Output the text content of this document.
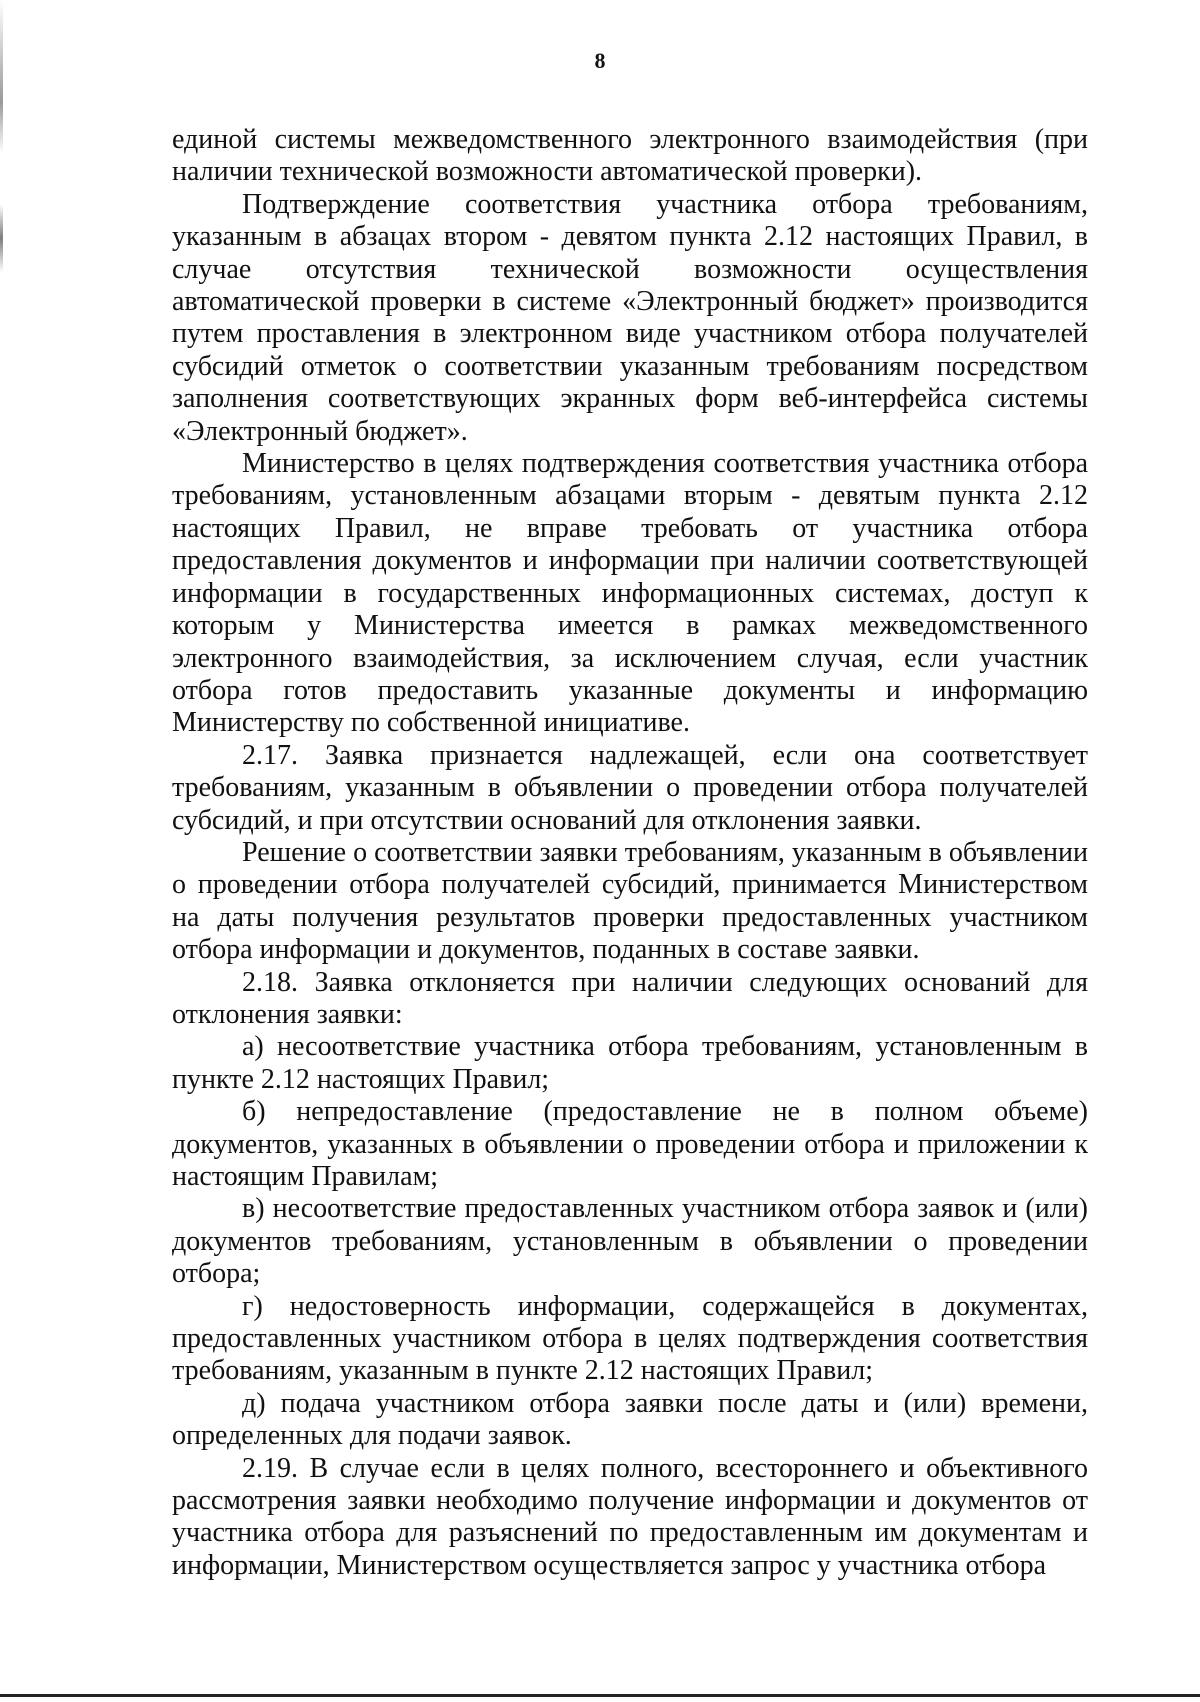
8

единой системы межведомственного электронного взаимодействия (при наличии технической возможности автоматической проверки).

Подтверждение соответствия участника отбора требованиям, указанным в абзацах втором - девятом пункта 2.12 настоящих Правил, в случае отсутствия технической возможности осуществления автоматической проверки в системе «Электронный бюджет» производится путем проставления в электронном виде участником отбора получателей субсидий отметок о соответствии указанным требованиям посредством заполнения соответствующих экранных форм веб-интерфейса системы «Электронный бюджет».

Министерство в целях подтверждения соответствия участника отбора требованиям, установленным абзацами вторым - девятым пункта 2.12 настоящих Правил, не вправе требовать от участника отбора предоставления документов и информации при наличии соответствующей информации в государственных информационных системах, доступ к которым у Министерства имеется в рамках межведомственного электронного взаимодействия, за исключением случая, если участник отбора готов предоставить указанные документы и информацию Министерству по собственной инициативе.

2.17. Заявка признается надлежащей, если она соответствует требованиям, указанным в объявлении о проведении отбора получателей субсидий, и при отсутствии оснований для отклонения заявки.

Решение о соответствии заявки требованиям, указанным в объявлении о проведении отбора получателей субсидий, принимается Министерством на даты получения результатов проверки предоставленных участником отбора информации и документов, поданных в составе заявки.

2.18. Заявка отклоняется при наличии следующих оснований для отклонения заявки:

а) несоответствие участника отбора требованиям, установленным в пункте 2.12 настоящих Правил;

б) непредоставление (предоставление не в полном объеме) документов, указанных в объявлении о проведении отбора и приложении к настоящим Правилам;

в) несоответствие предоставленных участником отбора заявок и (или) документов требованиям, установленным в объявлении о проведении отбора;

г) недостоверность информации, содержащейся в документах, предоставленных участником отбора в целях подтверждения соответствия требованиям, указанным в пункте 2.12 настоящих Правил;

д) подача участником отбора заявки после даты и (или) времени, определенных для подачи заявок.

2.19. В случае если в целях полного, всестороннего и объективного рассмотрения заявки необходимо получение информации и документов от участника отбора для разъяснений по предоставленным им документам и информации, Министерством осуществляется запрос у участника отбора
